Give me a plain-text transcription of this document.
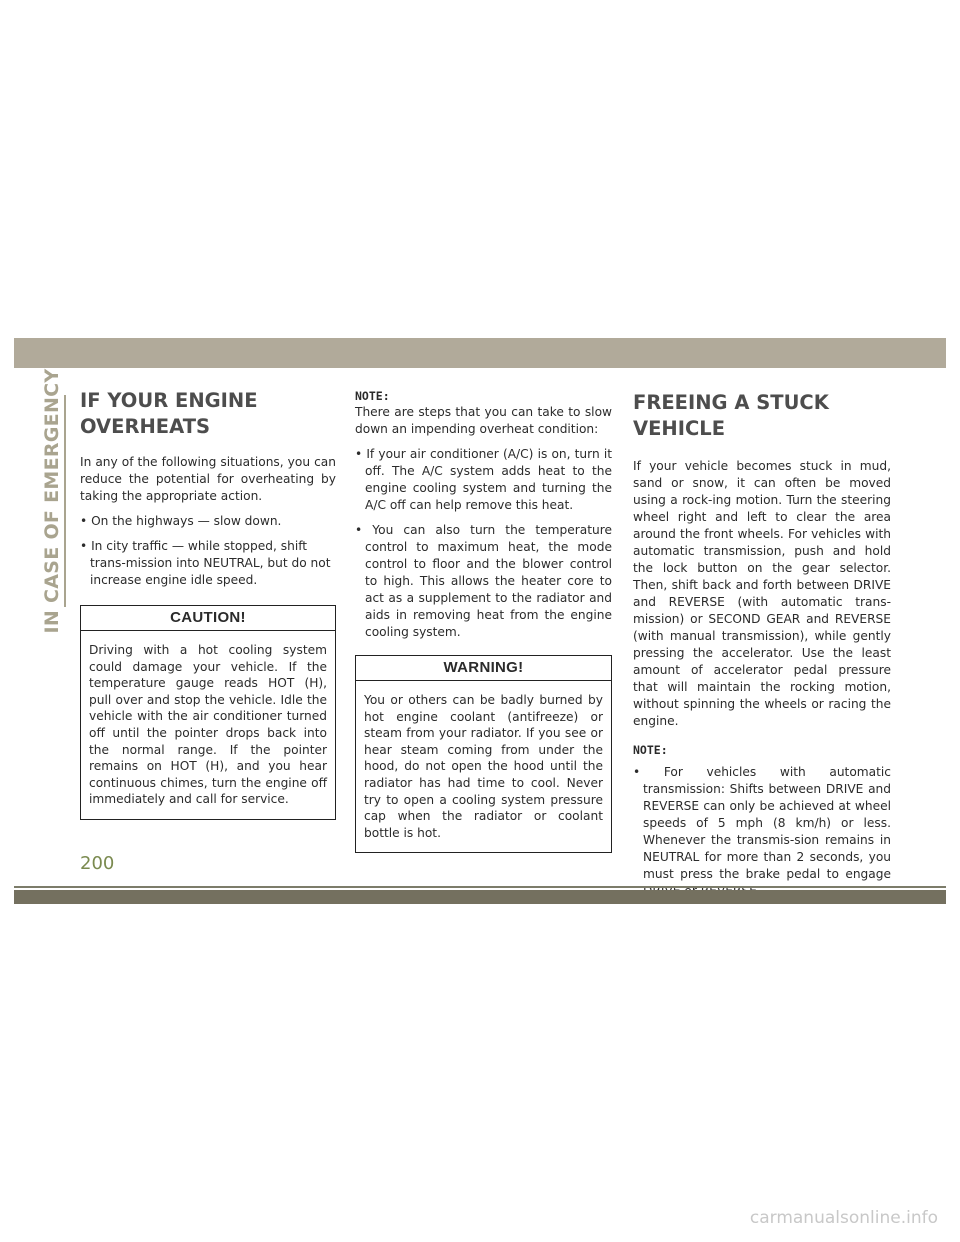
IN CASE OF EMERGENCY IF YOUR ENGINE
OVERHEATS

In any of the following situations, you can reduce the potential for overheating by taking the appropriate action.

• On the highways — slow down.
• In city traffic — while stopped, shift trans-mission into NEUTRAL, but do not increase engine idle speed.
CAUTION!
Driving with a hot cooling system could damage your vehicle. If the temperature gauge reads HOT (H), pull over and stop the vehicle. Idle the vehicle with the air conditioner turned off until the pointer drops back into the normal range. If the pointer remains on HOT (H), and you hear continuous chimes, turn the engine off immediately and call for service.
NOTE:

There are steps that you can take to slow down an impending overheat condition:

• If your air conditioner (A/C) is on, turn it off. The A/C system adds heat to the engine cooling system and turning the A/C off can help remove this heat.
• You can also turn the temperature control to maximum heat, the mode control to floor and the blower control to high. This allows the heater core to act as a supplement to the radiator and aids in removing heat from the engine cooling system.
WARNING!
You or others can be badly burned by hot engine coolant (antifreeze) or steam from your radiator. If you see or hear steam coming from under the hood, do not open the hood until the radiator has had time to cool. Never try to open a cooling system pressure cap when the radiator or coolant bottle is hot.
FREEING A STUCK VEHICLE

If your vehicle becomes stuck in mud, sand or snow, it can often be moved using a rock-ing motion. Turn the steering wheel right and left to clear the area around the front wheels. For vehicles with automatic transmission, push and hold the lock button on the gear selector. Then, shift back and forth between DRIVE and REVERSE (with automatic trans-mission) or SECOND GEAR and REVERSE (with manual transmission), while gently pressing the accelerator. Use the least amount of accelerator pedal pressure that will maintain the rocking motion, without spinning the wheels or racing the engine.

NOTE:
• For vehicles with automatic transmission: Shifts between DRIVE and REVERSE can only be achieved at wheel speeds of 5 mph (8 km/h) or less. Whenever the transmis-sion remains in NEUTRAL for more than 2 seconds, you must press the brake pedal to engage
200
carmanualsonline.info
